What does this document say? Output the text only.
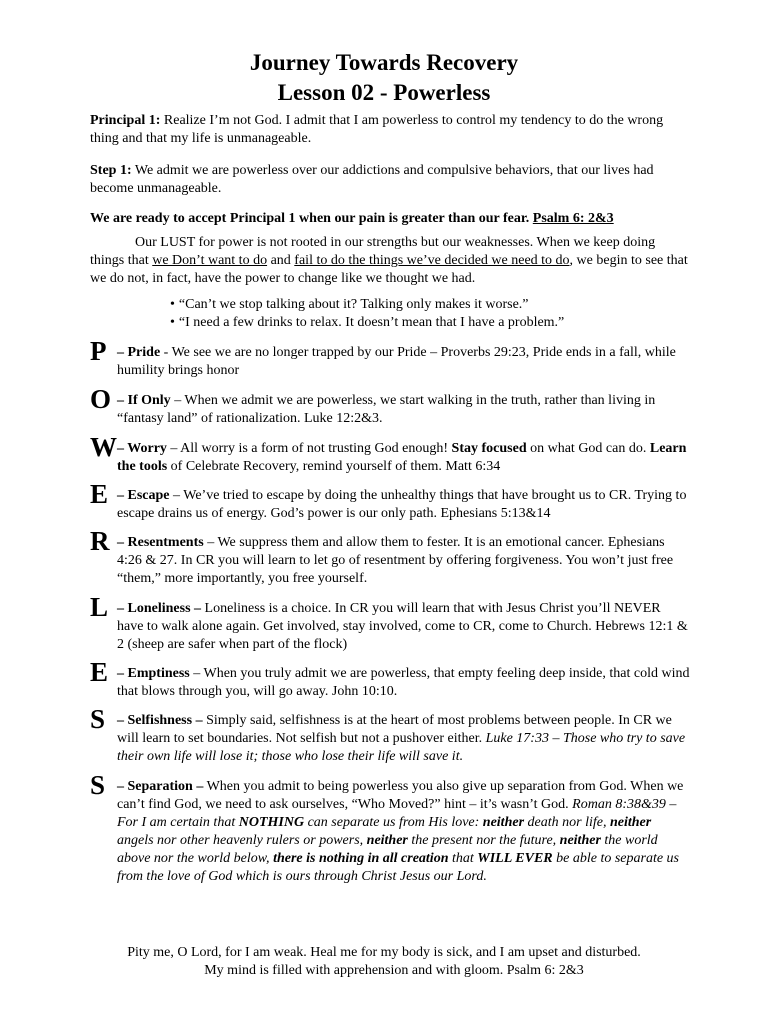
Journey Towards Recovery
Lesson 02 - Powerless
Principal 1: Realize I’m not God. I admit that I am powerless to control my tendency to do the wrong thing and that my life is unmanageable.
Step 1: We admit we are powerless over our addictions and compulsive behaviors, that our lives had become unmanageable.
We are ready to accept Principal 1 when our pain is greater than our fear. Psalm 6: 2&3
Our LUST for power is not rooted in our strengths but our weaknesses. When we keep doing things that we Don’t want to do and fail to do the things we’ve decided we need to do, we begin to see that we do not, in fact, have the power to change like we thought we had.
• “Can’t we stop talking about it? Talking only makes it worse.”
• “I need a few drinks to relax. It doesn’t mean that I have a problem.”
P – Pride - We see we are no longer trapped by our Pride – Proverbs 29:23, Pride ends in a fall, while humility brings honor
O – If Only – When we admit we are powerless, we start walking in the truth, rather than living in “fantasy land” of rationalization. Luke 12:2&3.
W – Worry – All worry is a form of not trusting God enough! Stay focused on what God can do. Learn the tools of Celebrate Recovery, remind yourself of them. Matt 6:34
E – Escape – We’ve tried to escape by doing the unhealthy things that have brought us to CR. Trying to escape drains us of energy. God’s power is our only path. Ephesians 5:13&14
R – Resentments – We suppress them and allow them to fester. It is an emotional cancer. Ephesians 4:26 & 27. In CR you will learn to let go of resentment by offering forgiveness. You won’t just free “them,” more importantly, you free yourself.
L – Loneliness – Loneliness is a choice. In CR you will learn that with Jesus Christ you’ll NEVER have to walk alone again. Get involved, stay involved, come to CR, come to Church. Hebrews 12:1 & 2 (sheep are safer when part of the flock)
E – Emptiness – When you truly admit we are powerless, that empty feeling deep inside, that cold wind that blows through you, will go away. John 10:10.
S – Selfishness – Simply said, selfishness is at the heart of most problems between people. In CR we will learn to set boundaries. Not selfish but not a pushover either. Luke 17:33 – Those who try to save their own life will lose it; those who lose their life will save it.
S – Separation – When you admit to being powerless you also give up separation from God. When we can’t find God, we need to ask ourselves, “Who Moved?” hint – it’s wasn’t God. Roman 8:38&39 – For I am certain that NOTHING can separate us from His love: neither death nor life, neither angels nor other heavenly rulers or powers, neither the present nor the future, neither the world above nor the world below, there is nothing in all creation that WILL EVER be able to separate us from the love of God which is ours through Christ Jesus our Lord.
Pity me, O Lord, for I am weak. Heal me for my body is sick, and I am upset and disturbed.
My mind is filled with apprehension and with gloom. Psalm 6: 2&3
